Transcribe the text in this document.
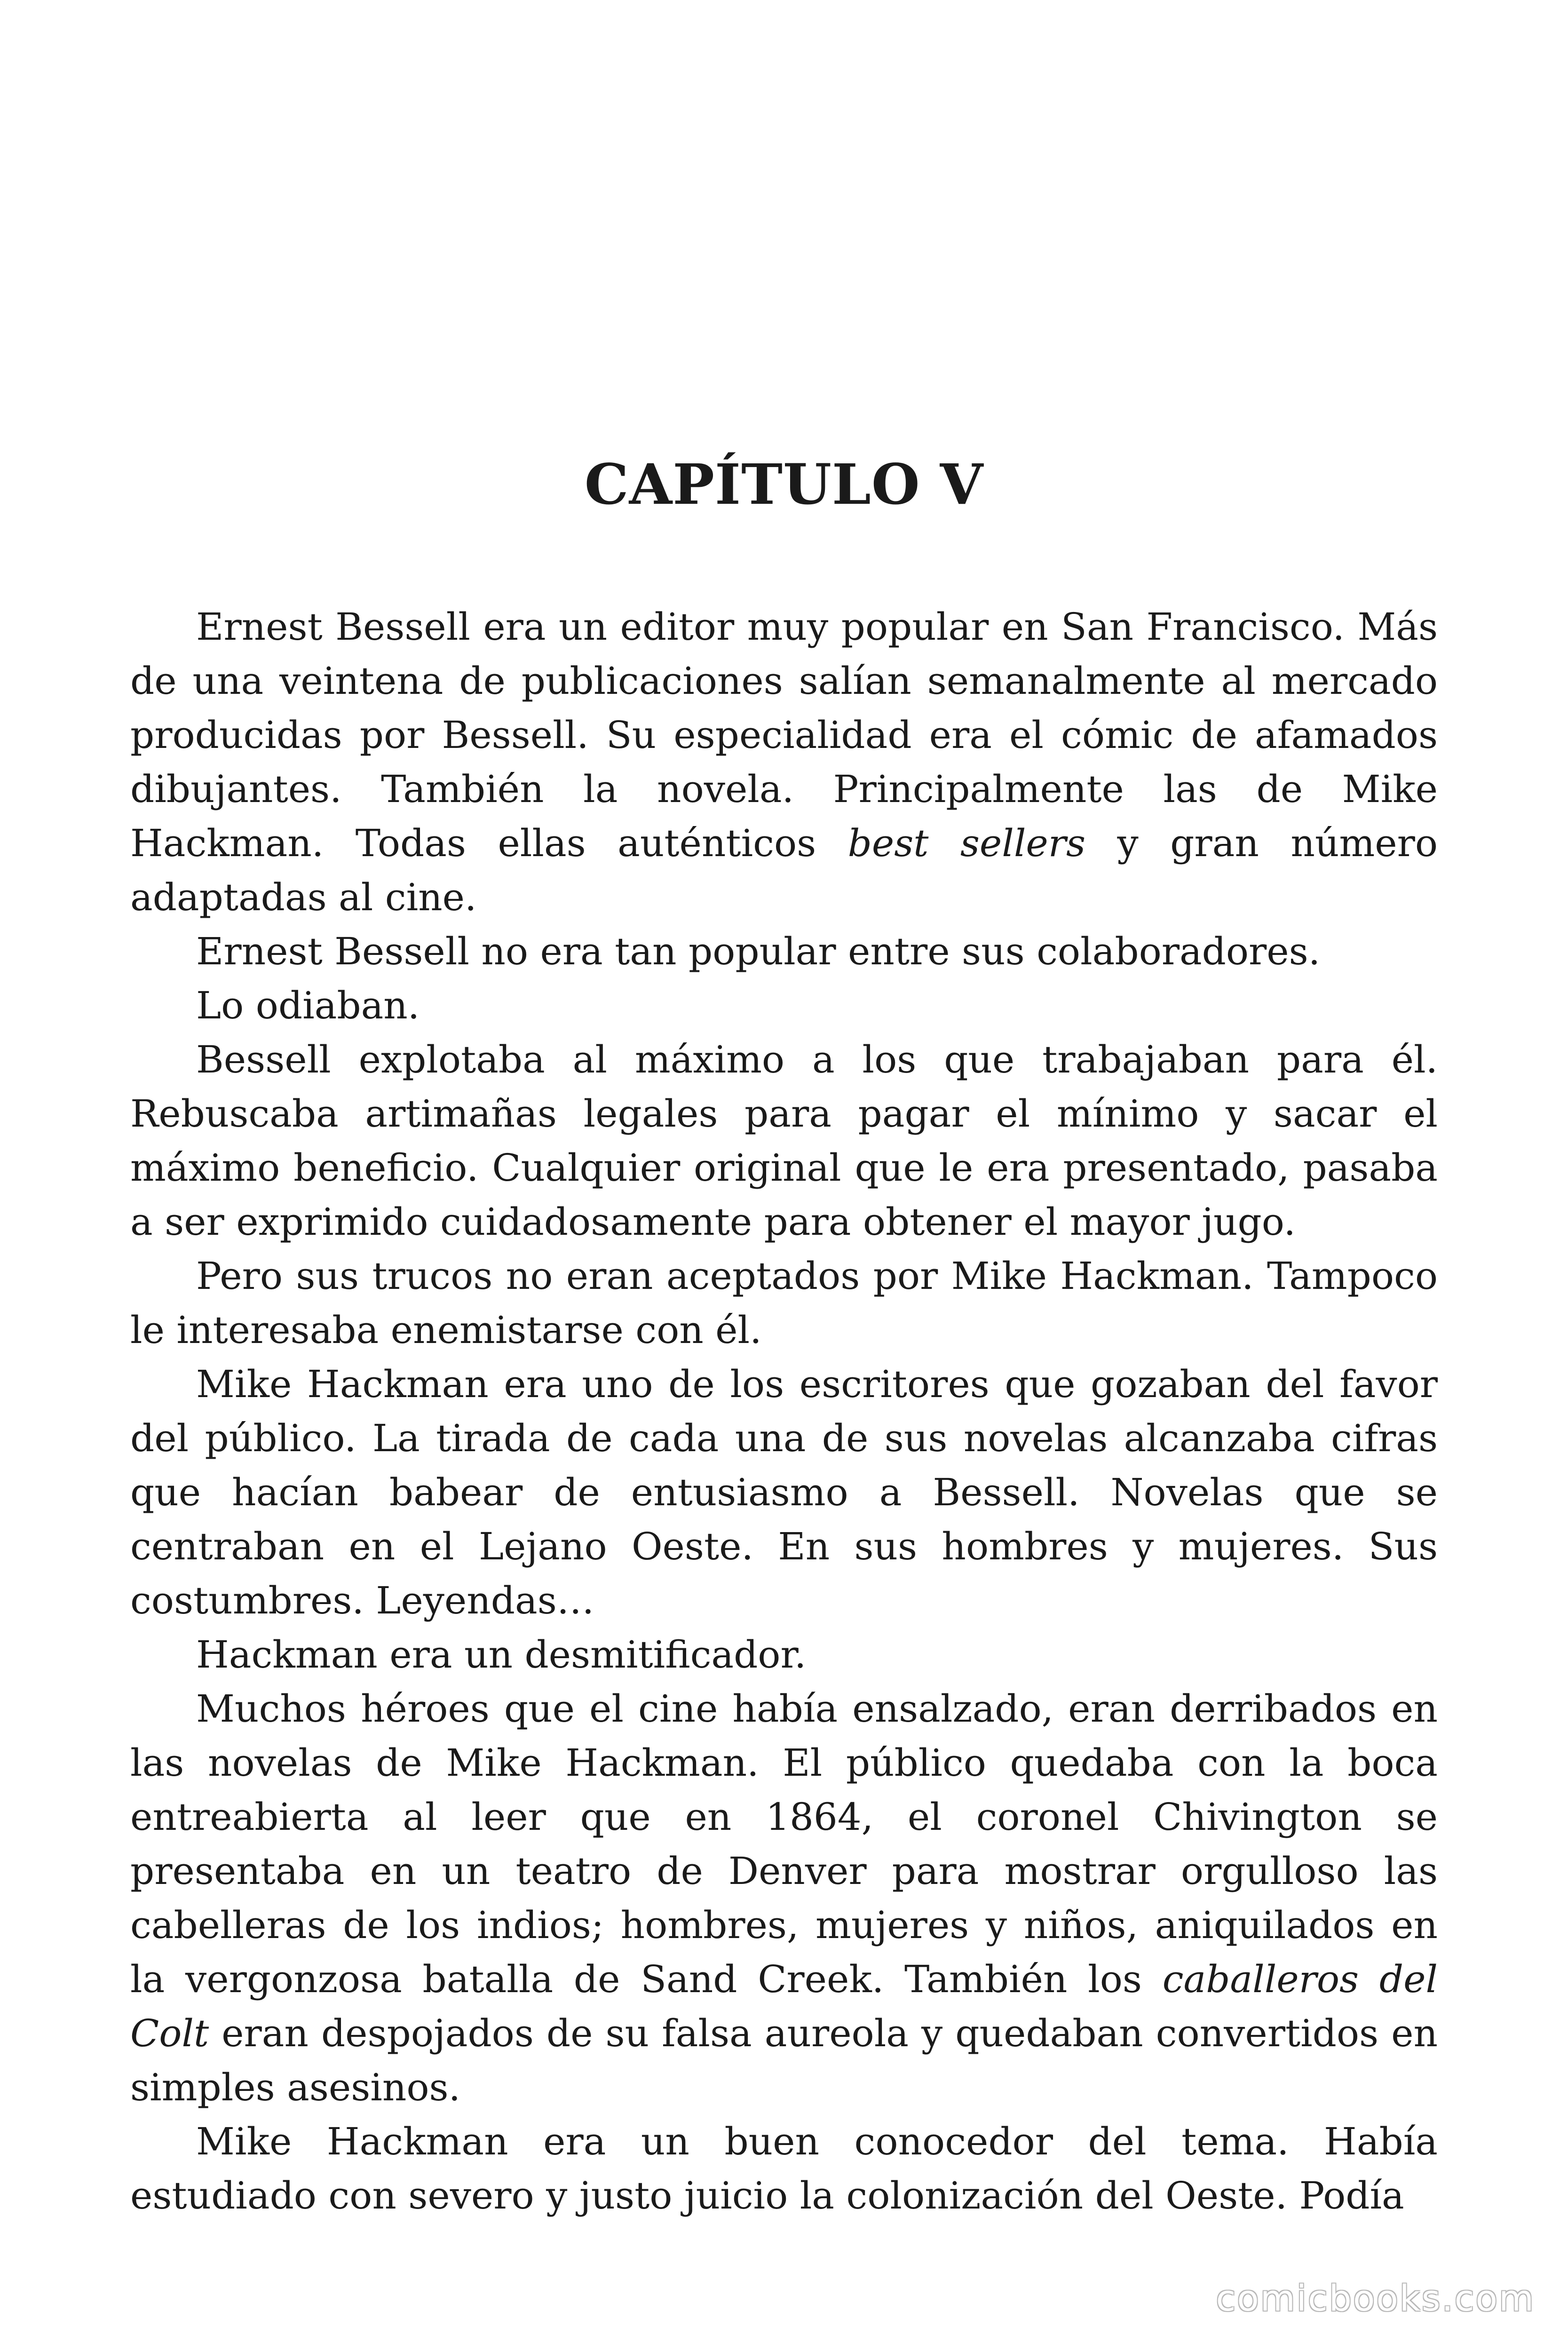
CAPÍTULO V

Ernest Bessell era un editor muy popular en San Francisco. Más de una veintena de publicaciones salían semanalmente al mercado producidas por Bessell. Su especialidad era el cómic de afamados dibujantes. También la novela. Principalmente las de Mike Hackman. Todas ellas auténticos best sellers y gran número adaptadas al cine.

Ernest Bessell no era tan popular entre sus colaboradores.

Lo odiaban.

Bessell explotaba al máximo a los que trabajaban para él. Rebuscaba artimañas legales para pagar el mínimo y sacar el máximo beneficio. Cualquier original que le era presentado, pasaba a ser exprimido cuidadosamente para obtener el mayor jugo.

Pero sus trucos no eran aceptados por Mike Hackman. Tampoco le interesaba enemistarse con él.

Mike Hackman era uno de los escritores que gozaban del favor del público. La tirada de cada una de sus novelas alcanzaba cifras que hacían babear de entusiasmo a Bessell. Novelas que se centraban en el Lejano Oeste. En sus hombres y mujeres. Sus costumbres. Leyendas…

Hackman era un desmitificador.

Muchos héroes que el cine había ensalzado, eran derribados en las novelas de Mike Hackman. El público quedaba con la boca entreabierta al leer que en 1864, el coronel Chivington se presentaba en un teatro de Denver para mostrar orgulloso las cabelleras de los indios; hombres, mujeres y niños, aniquilados en la vergonzosa batalla de Sand Creek. También los caballeros del Colt eran despojados de su falsa aureola y quedaban convertidos en simples asesinos.

Mike Hackman era un buen conocedor del tema. Había estudiado con severo y justo juicio la colonización del Oeste. Podía

comicbooks.com
